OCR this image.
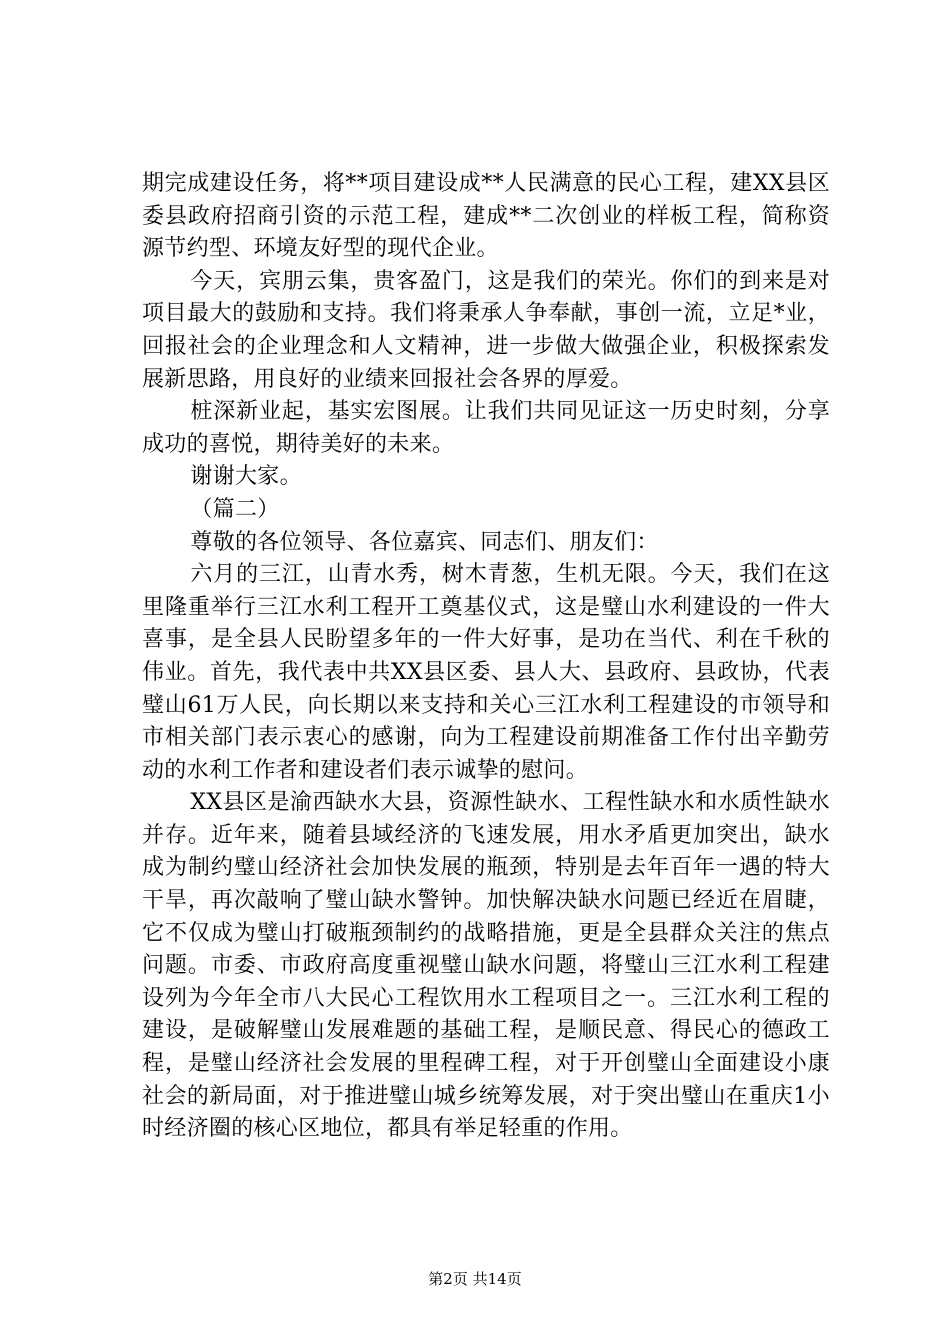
期完成建设任务，将**项目建设成**人民满意的民心工程，建XX县区委县政府招商引资的示范工程，建成**二次创业的样板工程，简称资源节约型、环境友好型的现代企业。

今天，宾朋云集，贵客盈门，这是我们的荣光。你们的到来是对项目最大的鼓励和支持。我们将秉承人争奉献，事创一流，立足*业，回报社会的企业理念和人文精神，进一步做大做强企业，积极探索发展新思路，用良好的业绩来回报社会各界的厚爱。

桩深新业起，基实宏图展。让我们共同见证这一历史时刻，分享成功的喜悦，期待美好的未来。

谢谢大家。

（篇二）

尊敬的各位领导、各位嘉宾、同志们、朋友们：

六月的三江，山青水秀，树木青葱，生机无限。今天，我们在这里隆重举行三江水利工程开工奠基仪式，这是璧山水利建设的一件大喜事，是全县人民盼望多年的一件大好事，是功在当代、利在千秋的伟业。首先，我代表中共XX县区委、县人大、县政府、县政协，代表璧山61万人民，向长期以来支持和关心三江水利工程建设的市领导和市相关部门表示衷心的感谢，向为工程建设前期准备工作付出辛勤劳动的水利工作者和建设者们表示诚挚的慰问。

XX县区是渝西缺水大县，资源性缺水、工程性缺水和水质性缺水并存。近年来，随着县域经济的飞速发展，用水矛盾更加突出，缺水成为制约璧山经济社会加快发展的瓶颈，特别是去年百年一遇的特大干旱，再次敲响了璧山缺水警钟。加快解决缺水问题已经近在眉睫，它不仅成为璧山打破瓶颈制约的战略措施，更是全县群众关注的焦点问题。市委、市政府高度重视璧山缺水问题，将璧山三江水利工程建设列为今年全市八大民心工程饮用水工程项目之一。三江水利工程的建设，是破解璧山发展难题的基础工程，是顺民意、得民心的德政工程，是璧山经济社会发展的里程碑工程，对于开创璧山全面建设小康社会的新局面，对于推进璧山城乡统筹发展，对于突出璧山在重庆1小时经济圈的核心区地位，都具有举足轻重的作用。

第2页 共14页
